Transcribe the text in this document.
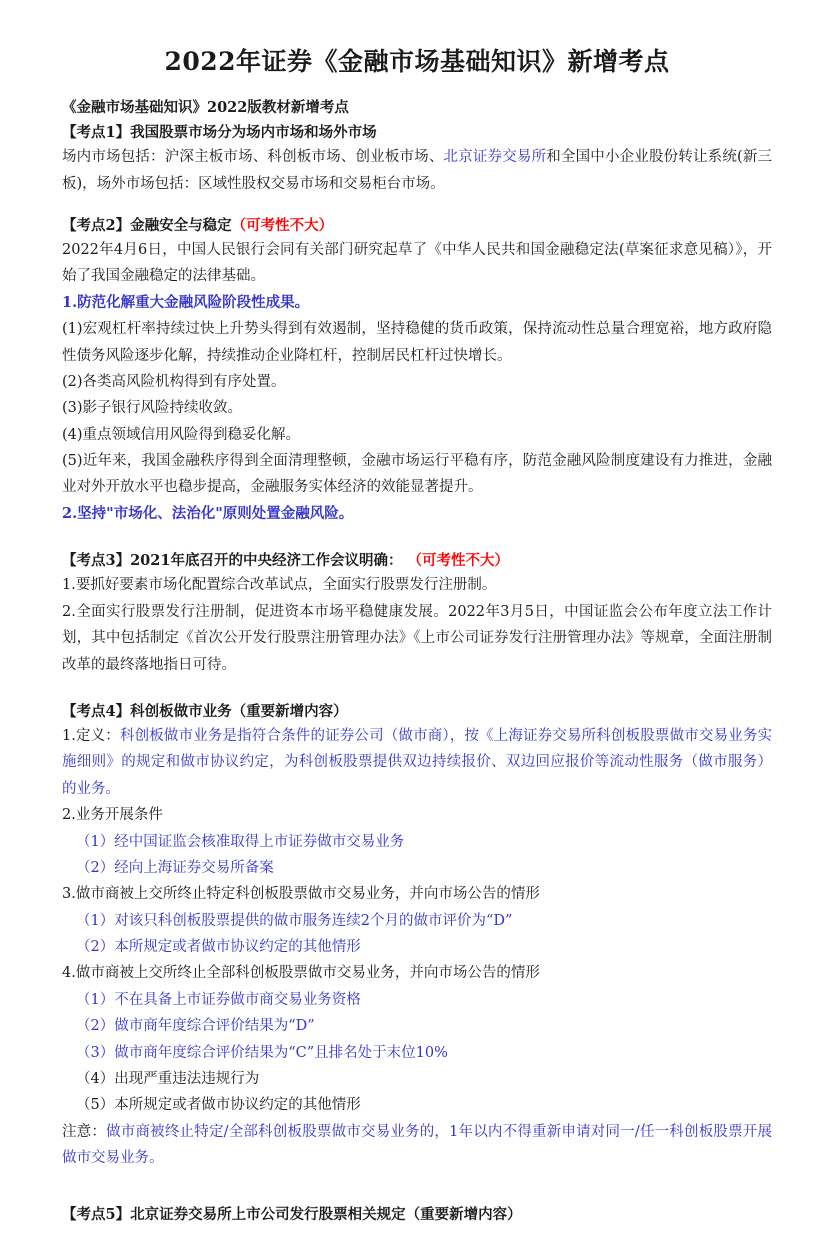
2022年证券《金融市场基础知识》新增考点

《金融市场基础知识》2022版教材新增考点

【考点1】我国股票市场分为场内市场和场外市场

场内市场包括：沪深主板市场、科创板市场、创业板市场、北京证券交易所和全国中小企业股份转让系统(新三板)，场外市场包括：区域性股权交易市场和交易柜台市场。

【考点2】金融安全与稳定（可考性不大）

2022年4月6日，中国人民银行会同有关部门研究起草了《中华人民共和国金融稳定法(草案征求意见稿）》，开始了我国金融稳定的法律基础。

1.防范化解重大金融风险阶段性成果。

(1)宏观杠杆率持续过快上升势头得到有效遏制，坚持稳健的货币政策，保持流动性总量合理宽裕，地方政府隐性债务风险逐步化解，持续推动企业降杠杆，控制居民杠杆过快增长。

(2)各类高风险机构得到有序处置。

(3)影子银行风险持续收敛。

(4)重点领域信用风险得到稳妥化解。

(5)近年来，我国金融秩序得到全面清理整顿，金融市场运行平稳有序，防范金融风险制度建设有力推进，金融业对外开放水平也稳步提高，金融服务实体经济的效能显著提升。

2.坚持"市场化、法治化"原则处置金融风险。

【考点3】2021年底召开的中央经济工作会议明确： （可考性不大）

1.要抓好要素市场化配置综合改革试点，全面实行股票发行注册制。

2.全面实行股票发行注册制，促进资本市场平稳健康发展。2022年3月5日，中国证监会公布年度立法工作计划，其中包括制定《首次公开发行股票注册管理办法》《上市公司证券发行注册管理办法》等规章，全面注册制改革的最终落地指日可待。

【考点4】科创板做市业务（重要新增内容）

1.定义：科创板做市业务是指符合条件的证券公司（做市商），按《上海证券交易所科创板股票做市交易业务实施细则》的规定和做市协议约定，为科创板股票提供双边持续报价、双边回应报价等流动性服务（做市服务）的业务。

2.业务开展条件

（1）经中国证监会核准取得上市证券做市交易业务

（2）经向上海证券交易所备案

3.做市商被上交所终止特定科创板股票做市交易业务，并向市场公告的情形

（1）对该只科创板股票提供的做市服务连续2个月的做市评价为“D”

（2）本所规定或者做市协议约定的其他情形

4.做市商被上交所终止全部科创板股票做市交易业务，并向市场公告的情形

（1）不在具备上市证券做市商交易业务资格

（2）做市商年度综合评价结果为“D”

（3）做市商年度综合评价结果为“C”且排名处于末位10%

（4）出现严重违法违规行为

（5）本所规定或者做市协议约定的其他情形

注意：做市商被终止特定/全部科创板股票做市交易业务的，1年以内不得重新申请对同一/任一科创板股票开展做市交易业务。

【考点5】北京证券交易所上市公司发行股票相关规定（重要新增内容）
